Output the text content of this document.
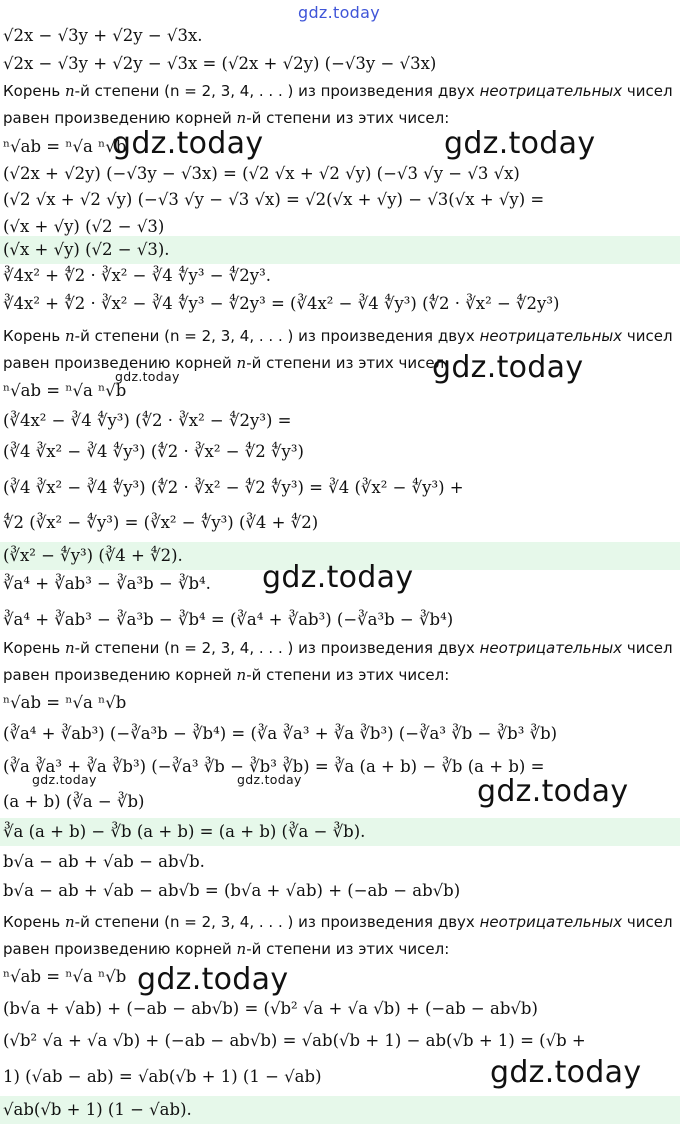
√2x − √3y + √2y − √3x.
√2x − √3y + √2y − √3x = (√2x + √2y) (−√3y − √3x)
Корень n-й степени (n = 2, 3, 4, . . . ) из произведения двух неотрицательных чисел
равен произведению корней n-й степени из этих чисел:
ⁿ√ab = ⁿ√a ⁿ√b
(√2x + √2y) (−√3y − √3x) = (√2 √x + √2 √y) (−√3 √y − √3 √x)
(√2 √x + √2 √y) (−√3 √y − √3 √x) = √2(√x + √y) − √3(√x + √y) =
(√x + √y) (√2 − √3)
(√x + √y) (√2 − √3).
∛4x² + ∜2 · ∛x² − ∛4 ∜y³ − ∜2y³.
∛4x² + ∜2 · ∛x² − ∛4 ∜y³ − ∜2y³ = (∛4x² − ∛4 ∜y³) (∜2 · ∛x² − ∜2y³)
Корень n-й степени (n = 2, 3, 4, . . . ) из произведения двух неотрицательных чисел
равен произведению корней n-й степени из этих чисел:
ⁿ√ab = ⁿ√a ⁿ√b
(∛4x² − ∛4 ∜y³) (∜2 · ∛x² − ∜2y³) =
(∛4 ∛x² − ∛4 ∜y³) (∜2 · ∛x² − ∜2 ∜y³)
(∛4 ∛x² − ∛4 ∜y³) (∜2 · ∛x² − ∜2 ∜y³) = ∛4 (∛x² − ∜y³) +
∜2 (∛x² − ∜y³) = (∛x² − ∜y³) (∛4 + ∜2)
(∛x² − ∜y³) (∛4 + ∜2).
∛a⁴ + ∛ab³ − ∛a³b − ∛b⁴.
∛a⁴ + ∛ab³ − ∛a³b − ∛b⁴ = (∛a⁴ + ∛ab³) (−∛a³b − ∛b⁴)
Корень n-й степени (n = 2, 3, 4, . . . ) из произведения двух неотрицательных чисел
равен произведению корней n-й степени из этих чисел:
ⁿ√ab = ⁿ√a ⁿ√b
(∛a⁴ + ∛ab³) (−∛a³b − ∛b⁴) = (∛a ∛a³ + ∛a ∛b³) (−∛a³ ∛b − ∛b³ ∛b)
(∛a ∛a³ + ∛a ∛b³) (−∛a³ ∛b − ∛b³ ∛b) = ∛a (a + b) − ∛b (a + b) =
(a + b) (∛a − ∛b)
∛a (a + b) − ∛b (a + b) = (a + b) (∛a − ∛b).
b√a − ab + √ab − ab√b.
b√a − ab + √ab − ab√b = (b√a + √ab) + (−ab − ab√b)
Корень n-й степени (n = 2, 3, 4, . . . ) из произведения двух неотрицательных чисел
равен произведению корней n-й степени из этих чисел:
ⁿ√ab = ⁿ√a ⁿ√b
(b√a + √ab) + (−ab − ab√b) = (√b² √a + √a √b) + (−ab − ab√b)
(√b² √a + √a √b) + (−ab − ab√b) = √ab(√b + 1) − ab(√b + 1) = (√b +
1) (√ab − ab) = √ab(√b + 1) (1 − √ab)
√ab(√b + 1) (1 − √ab).
gdz.today
gdz.today	gdz.today
gdz.today
gdz.today
gdz.today
gdz.today	gdz.today	gdz.today
gdz.today
gdz.today
